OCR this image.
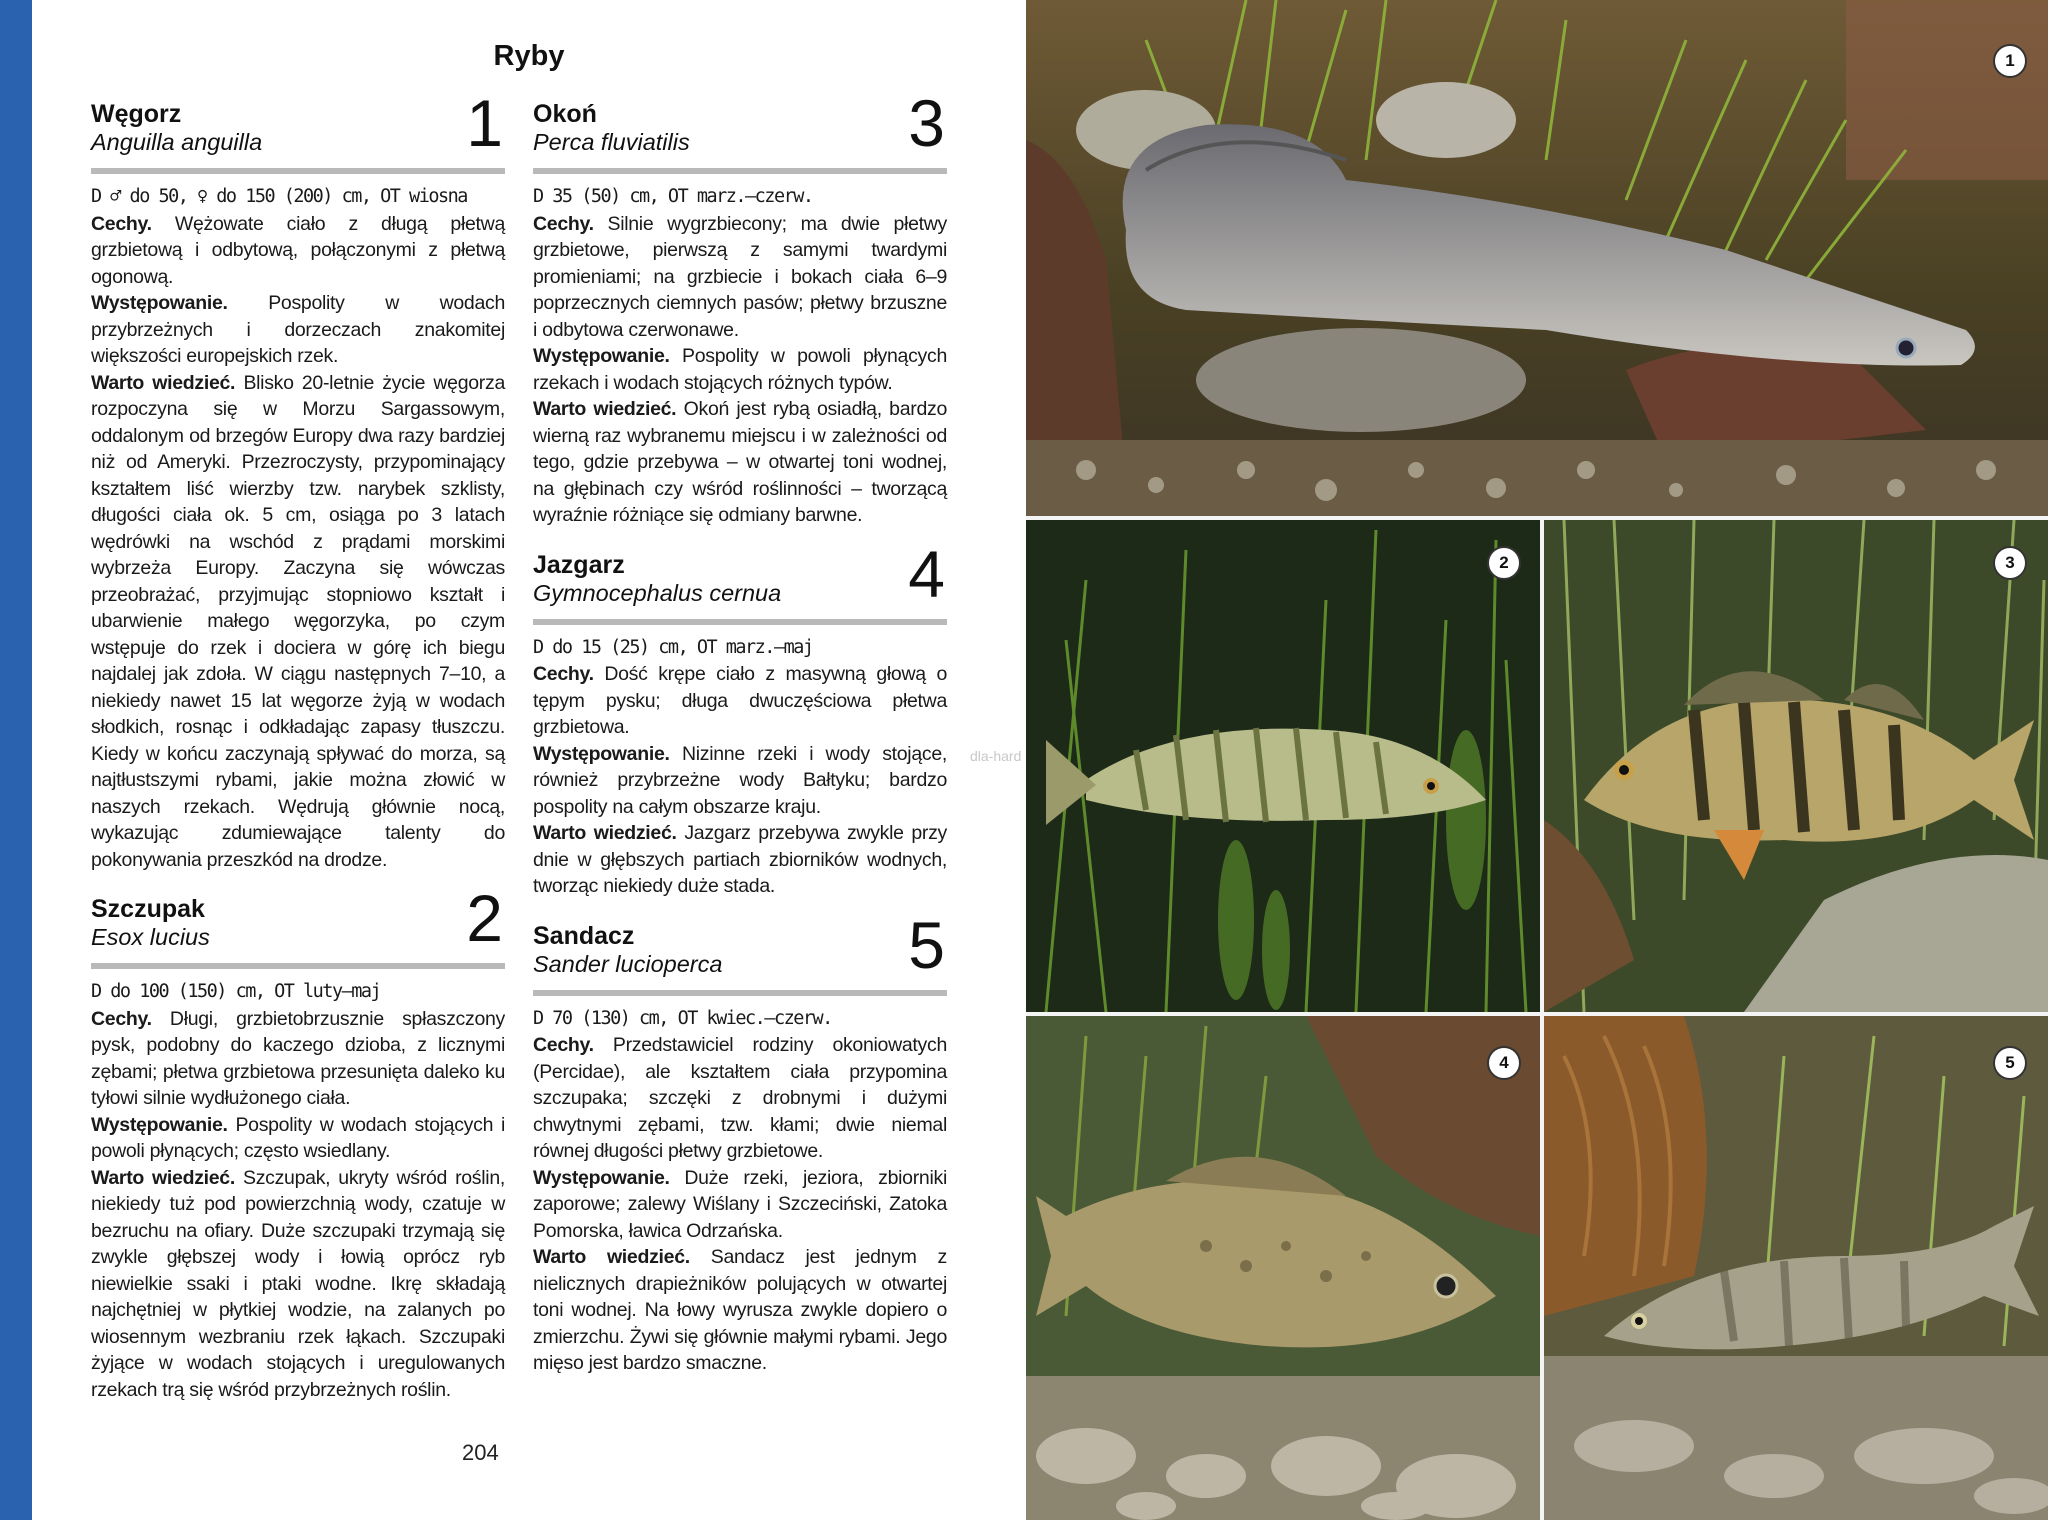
Ryby
Węgorz
Anguilla anguilla	1

D ♂ do 50, ♀ do 150 (200) cm, OT wiosna

Cechy. Wężowate ciało z długą płetwą grzbietową i odbytową, połączonymi z płetwą ogonową.

Występowanie. Pospolity w wodach przybrzeżnych i dorzeczach znakomitej większości europejskich rzek.

Warto wiedzieć. Blisko 20-letnie życie węgorza rozpoczyna się w Morzu Sargassowym, oddalonym od brzegów Europy dwa razy bardziej niż od Ameryki. Przezroczysty, przypominający kształtem liść wierzby tzw. narybek szklisty, długości ciała ok. 5 cm, osiąga po 3 latach wędrówki na wschód z prądami morskimi wybrzeża Europy. Zaczyna się wówczas przeobrażać, przyjmując stopniowo kształt i ubarwienie małego węgorzyka, po czym wstępuje do rzek i dociera w górę ich biegu najdalej jak zdoła. W ciągu następnych 7–10, a niekiedy nawet 15 lat węgorze żyją w wodach słodkich, rosnąc i odkładając zapasy tłuszczu. Kiedy w końcu zaczynają spływać do morza, są najtłustszymi rybami, jakie można złowić w naszych rzekach. Wędrują głównie nocą, wykazując zdumiewające talenty do pokonywania przeszkód na drodze.

Szczupak
Esox lucius	2

D do 100 (150) cm, OT luty–maj

Cechy. Długi, grzbietobrzusznie spłaszczony pysk, podobny do kaczego dzioba, z licznymi zębami; płetwa grzbietowa przesunięta daleko ku tyłowi silnie wydłużonego ciała.

Występowanie. Pospolity w wodach stojących i powoli płynących; często wsiedlany.

Warto wiedzieć. Szczupak, ukryty wśród roślin, niekiedy tuż pod powierzchnią wody, czatuje w bezruchu na ofiary. Duże szczupaki trzymają się zwykle głębszej wody i łowią oprócz ryb niewielkie ssaki i ptaki wodne. Ikrę składają najchętniej w płytkiej wodzie, na zalanych po wiosennym wezbraniu rzek łąkach. Szczupaki żyjące w wodach stojących i uregulowanych rzekach trą się wśród przybrzeżnych roślin.

Okoń
Perca fluviatilis	3

D 35 (50) cm, OT marz.–czerw.

Cechy. Silnie wygrzbiecony; ma dwie płetwy grzbietowe, pierwszą z samymi twardymi promieniami; na grzbiecie i bokach ciała 6–9 poprzecznych ciemnych pasów; płetwy brzuszne i odbytowa czerwonawe.

Występowanie. Pospolity w powoli płynących rzekach i wodach stojących różnych typów.

Warto wiedzieć. Okoń jest rybą osiadłą, bardzo wierną raz wybranemu miejscu i w zależności od tego, gdzie przebywa – w otwartej toni wodnej, na głębinach czy wśród roślinności – tworzącą wyraźnie różniące się odmiany barwne.

Jazgarz
Gymnocephalus cernua 4

D do 15 (25) cm, OT marz.–maj

Cechy. Dość krępe ciało z masywną głową o tępym pysku; długa dwuczęściowa płetwa grzbietowa.

Występowanie. Nizinne rzeki i wody stojące, również przybrzeżne wody Bałtyku; bardzo pospolity na całym obszarze kraju.

Warto wiedzieć. Jazgarz przebywa zwykle przy dnie w głębszych partiach zbiorników wodnych, tworząc niekiedy duże stada.

Sandacz
Sander lucioperca	5

D 70 (130) cm, OT kwiec.–czerw.

Cechy. Przedstawiciel rodziny okoniowatych (Percidae), ale kształtem ciała przypomina szczupaka; szczęki z drobnymi i dużymi chwytnymi zębami, tzw. kłami; dwie niemal równej długości płetwy grzbietowe.

Występowanie. Duże rzeki, jeziora, zbiorniki zaporowe; zalewy Wiślany i Szczeciński, Zatoka Pomorska, ławica Odrzańska.

Warto wiedzieć. Sandacz jest jednym z nielicznych drapieżników polujących w otwartej toni wodnej. Na łowy wyrusza zwykle dopiero o zmierzchu. Żywi się głównie małymi rybami. Jego mięso jest bardzo smaczne.

204
dla-hard
1
2	3
4	5
